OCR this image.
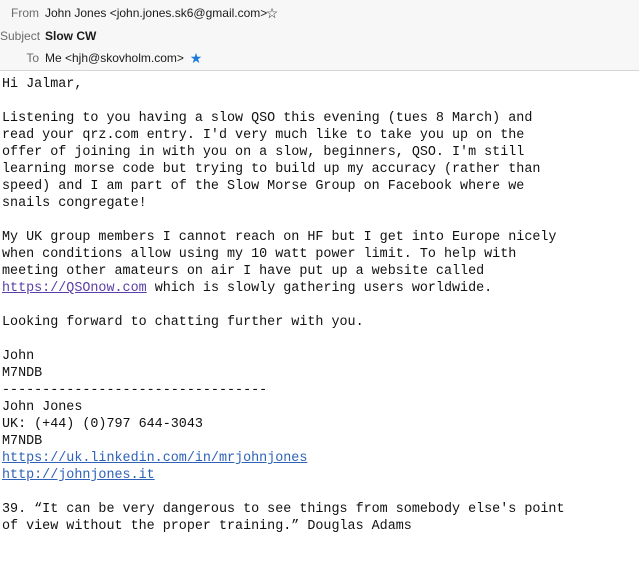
From John Jones <john.jones.sk6@gmail.com>
☆
Subject Slow CW
To Me <hjh@skovholm.com> ★
Hi Jalmar,
Listening to you having a slow QSO this evening (tues 8 March) and
read your qrz.com entry. I'd very much like to take you up on the
offer of joining in with you on a slow, beginners, QSO. I'm still
learning morse code but trying to build up my accuracy (rather than
speed) and I am part of the Slow Morse Group on Facebook where we
snails congregate!
My UK group members I cannot reach on HF but I get into Europe nicely
when conditions allow using my 10 watt power limit. To help with
meeting other amateurs on air I have put up a website called
https://QSOnow.com which is slowly gathering users worldwide.
Looking forward to chatting further with you.
John
M7NDB
---------------------------------
John Jones
UK: (+44) (0)797 644-3043
M7NDB
https://uk.linkedin.com/in/mrjohnjones
http://johnjones.it
39. “It can be very dangerous to see things from somebody else's point
of view without the proper training.” Douglas Adams
